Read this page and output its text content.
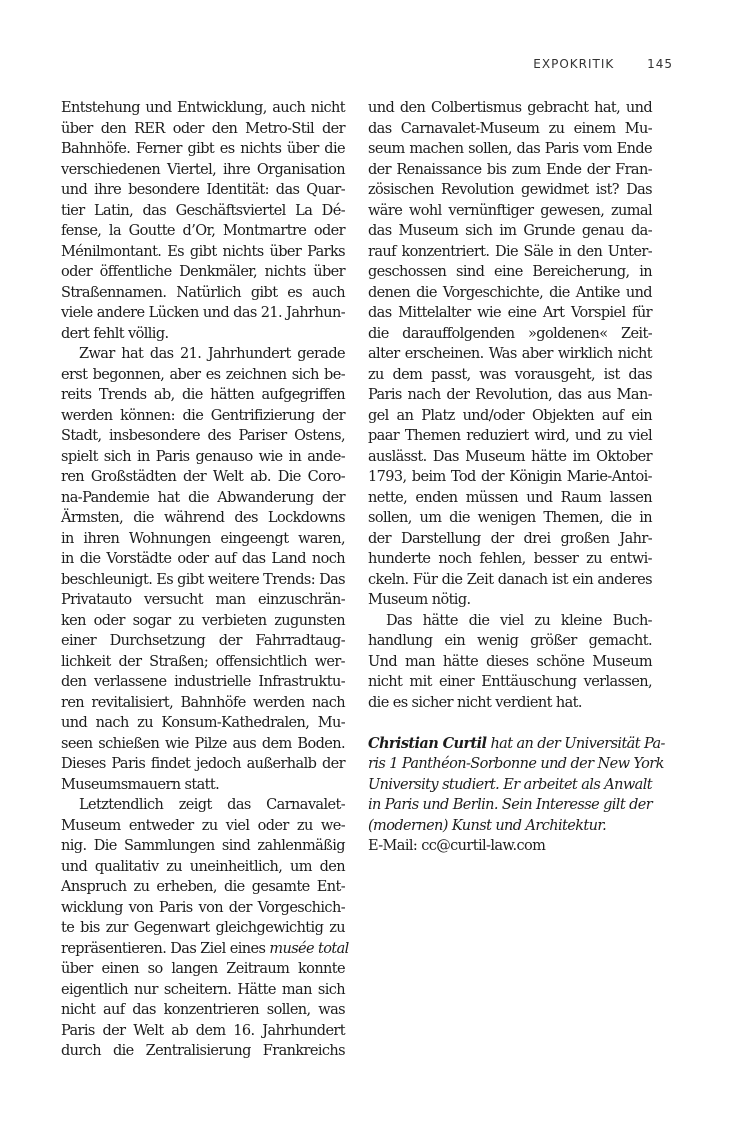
EXPOKRITIK	145
Entstehung und Entwicklung, auch nicht
über den RER oder den Metro-Stil der
Bahnhöfe. Ferner gibt es nichts über die
verschiedenen Viertel, ihre Organisation
und ihre besondere Identität: das Quar-
tier Latin, das Geschäftsviertel La Dé-
fense, la Goutte d’Or, Montmartre oder
Ménilmontant. Es gibt nichts über Parks
oder öffentliche Denkmäler, nichts über
Straßennamen. Natürlich gibt es auch
viele andere Lücken und das 21. Jahrhun-
dert fehlt völlig.
Zwar hat das 21. Jahrhundert gerade
erst begonnen, aber es zeichnen sich be-
reits Trends ab, die hätten aufgegriffen
werden können: die Gentrifizierung der
Stadt, insbesondere des Pariser Ostens,
spielt sich in Paris genauso wie in ande-
ren Großstädten der Welt ab. Die Coro-
na-Pandemie hat die Abwanderung der
Ärmsten, die während des Lockdowns
in ihren Wohnungen eingeengt waren,
in die Vorstädte oder auf das Land noch
beschleunigt. Es gibt weitere Trends: Das
Privatauto versucht man einzuschrän-
ken oder sogar zu verbieten zugunsten
einer Durchsetzung der Fahrradtaug-
lichkeit der Straßen; offensichtlich wer-
den verlassene industrielle Infrastruktu-
ren revitalisiert, Bahnhöfe werden nach
und nach zu Konsum-Kathedralen, Mu-
seen schießen wie Pilze aus dem Boden.
Dieses Paris findet jedoch außerhalb der
Museumsmauern statt.
Letztendlich zeigt das Carnavalet-
Museum entweder zu viel oder zu we-
nig. Die Sammlungen sind zahlenmäßig
und qualitativ zu uneinheitlich, um den
Anspruch zu erheben, die gesamte Ent-
wicklung von Paris von der Vorgeschich-
te bis zur Gegenwart gleichgewichtig zu
repräsentieren. Das Ziel eines musée total
über einen so langen Zeitraum konnte
eigentlich nur scheitern. Hätte man sich
nicht auf das konzentrieren sollen, was
Paris der Welt ab dem 16. Jahrhundert
durch die Zentralisierung Frankreichs
und den Colbertismus gebracht hat, und
das Carnavalet-Museum zu einem Mu-
seum machen sollen, das Paris vom Ende
der Renaissance bis zum Ende der Fran-
zösischen Revolution gewidmet ist? Das
wäre wohl vernünftiger gewesen, zumal
das Museum sich im Grunde genau da-
rauf konzentriert. Die Säle in den Unter-
geschossen sind eine Bereicherung, in
denen die Vorgeschichte, die Antike und
das Mittelalter wie eine Art Vorspiel für
die darauffolgenden »goldenen« Zeit-
alter erscheinen. Was aber wirklich nicht
zu dem passt, was vorausgeht, ist das
Paris nach der Revolution, das aus Man-
gel an Platz und/oder Objekten auf ein
paar Themen reduziert wird, und zu viel
auslässt. Das Museum hätte im Oktober
1793, beim Tod der Königin Marie-Antoi-
nette, enden müssen und Raum lassen
sollen, um die wenigen Themen, die in
der Darstellung der drei großen Jahr-
hunderte noch fehlen, besser zu entwi-
ckeln. Für die Zeit danach ist ein anderes
Museum nötig.
Das hätte die viel zu kleine Buch-
handlung ein wenig größer gemacht.
Und man hätte dieses schöne Museum
nicht mit einer Enttäuschung verlassen,
die es sicher nicht verdient hat.
Christian Curtil hat an der Universität Pa-
ris 1 Panthéon-Sorbonne und der New York
University studiert. Er arbeitet als Anwalt
in Paris und Berlin. Sein Interesse gilt der
(modernen) Kunst und Architektur.
E-Mail: cc@curtil-law.com
